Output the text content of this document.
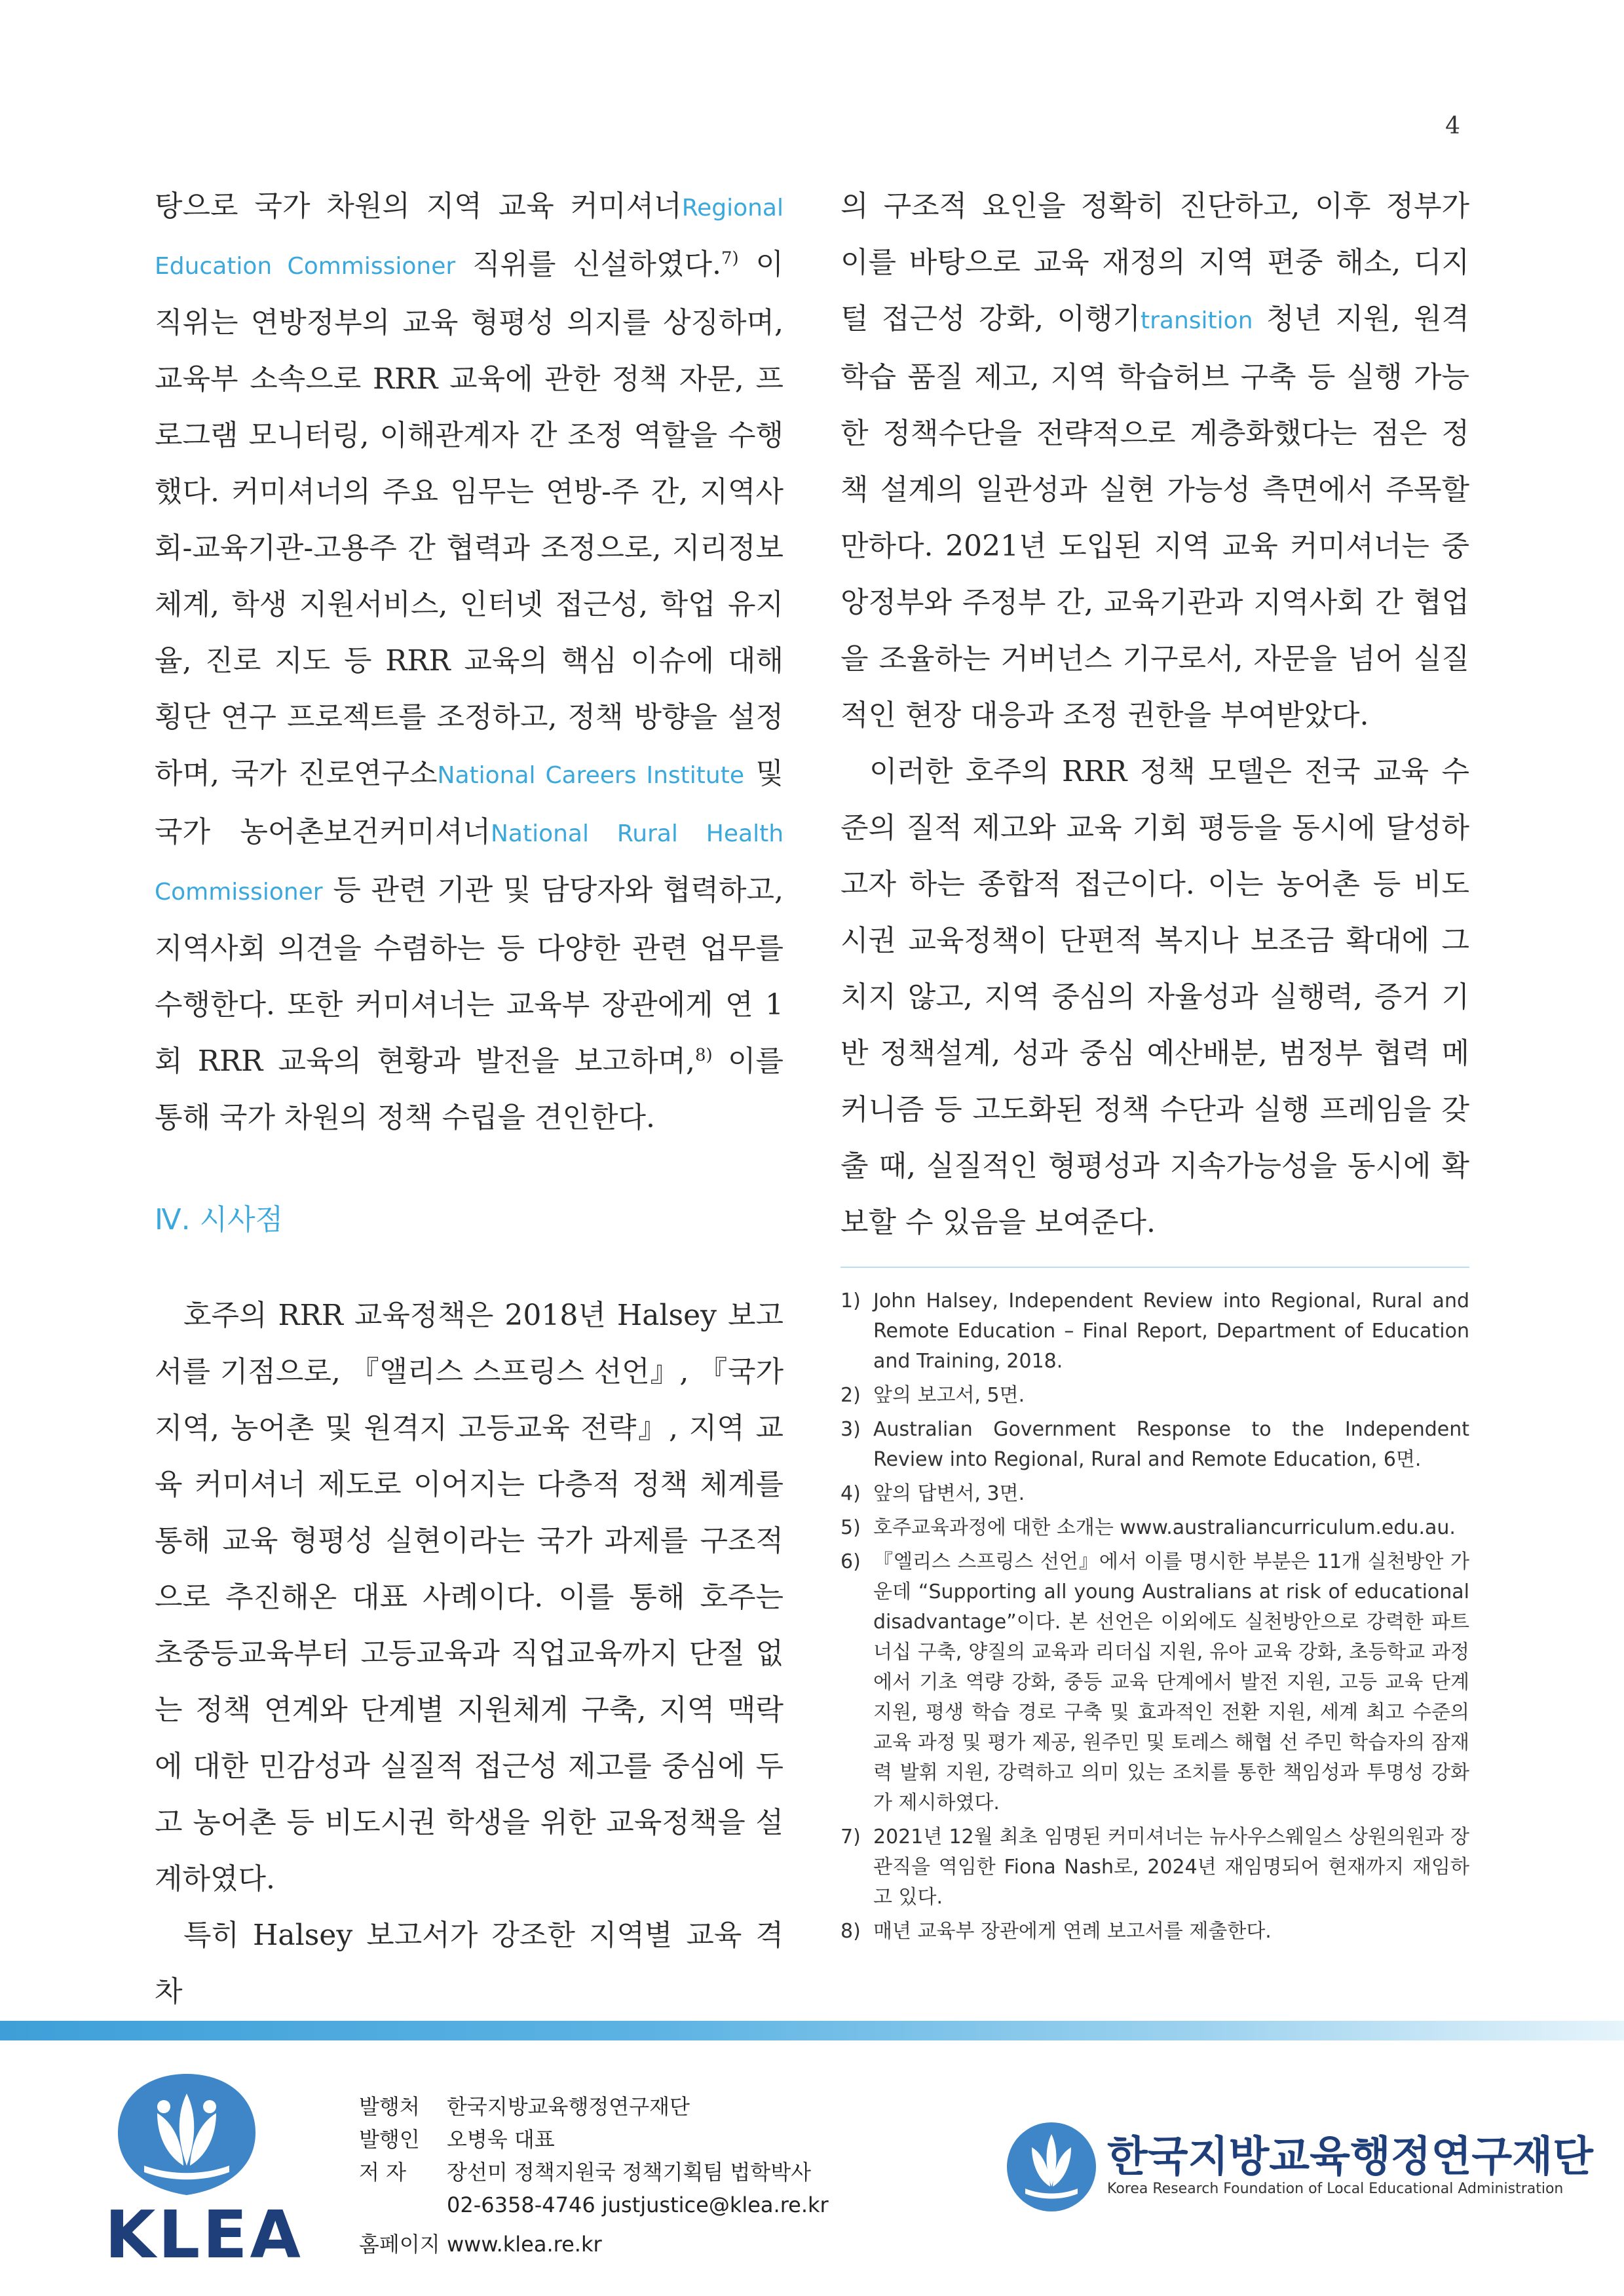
4

탕으로 국가 차원의 지역 교육 커미셔너Regional Education Commissioner 직위를 신설하였다.$^{7)}$ 이 직위는 연방정부의 교육 형평성 의지를 상징하며, 교육부 소속으로 RRR 교육에 관한 정책 자문, 프로그램 모니터링, 이해관계자 간 조정 역할을 수행했다. 커미셔너의 주요 임무는 연방-주 간, 지역사회-교육기관-고용주 간 협력과 조정으로, 지리정보 체계, 학생 지원서비스, 인터넷 접근성, 학업 유지율, 진로 지도 등 RRR 교육의 핵심 이슈에 대해 횡단 연구 프로젝트를 조정하고, 정책 방향을 설정하며, 국가 진로연구소National Careers Institute 및 국가 농어촌보건커미셔너National Rural Health Commissioner 등 관련 기관 및 담당자와 협력하고, 지역사회 의견을 수렴하는 등 다양한 관련 업무를 수행한다. 또한 커미셔너는 교육부 장관에게 연 1회 RRR 교육의 현황과 발전을 보고하며,$^{8)}$ 이를 통해 국가 차원의 정책 수립을 견인한다.

Ⅳ. 시사점

호주의 RRR 교육정책은 2018년 Halsey 보고서를 기점으로, 『앨리스 스프링스 선언』, 『국가 지역, 농어촌 및 원격지 고등교육 전략』, 지역 교육 커미셔너 제도로 이어지는 다층적 정책 체계를 통해 교육 형평성 실현이라는 국가 과제를 구조적으로 추진해온 대표 사례이다. 이를 통해 호주는 초중등교육부터 고등교육과 직업교육까지 단절 없는 정책 연계와 단계별 지원체계 구축, 지역 맥락에 대한 민감성과 실질적 접근성 제고를 중심에 두고 농어촌 등 비도시권 학생을 위한 교육정책을 설계하였다.

특히 Halsey 보고서가 강조한 지역별 교육 격차

의 구조적 요인을 정확히 진단하고, 이후 정부가 이를 바탕으로 교육 재정의 지역 편중 해소, 디지털 접근성 강화, 이행기transition 청년 지원, 원격 학습 품질 제고, 지역 학습허브 구축 등 실행 가능한 정책수단을 전략적으로 계층화했다는 점은 정책 설계의 일관성과 실현 가능성 측면에서 주목할 만하다. 2021년 도입된 지역 교육 커미셔너는 중앙정부와 주정부 간, 교육기관과 지역사회 간 협업을 조율하는 거버넌스 기구로서, 자문을 넘어 실질적인 현장 대응과 조정 권한을 부여받았다.

이러한 호주의 RRR 정책 모델은 전국 교육 수준의 질적 제고와 교육 기회 평등을 동시에 달성하고자 하는 종합적 접근이다. 이는 농어촌 등 비도시권 교육정책이 단편적 복지나 보조금 확대에 그치지 않고, 지역 중심의 자율성과 실행력, 증거 기반 정책설계, 성과 중심 예산배분, 범정부 협력 메커니즘 등 고도화된 정책 수단과 실행 프레임을 갖출 때, 실질적인 형평성과 지속가능성을 동시에 확보할 수 있음을 보여준다.

1) John Halsey, Independent Review into Regional, Rural and Remote Education – Final Report, Department of Education and Training, 2018.
2) 앞의 보고서, 5면.
3) Australian Government Response to the Independent Review into Regional, Rural and Remote Education, 6면.
4) 앞의 답변서, 3면.
5) 호주교육과정에 대한 소개는 www.australiancurriculum.edu.au.
6) 『엘리스 스프링스 선언』에서 이를 명시한 부분은 11개 실천방안 가운데 “Supporting all young Australians at risk of educational disadvantage”이다. 본 선언은 이외에도 실천방안으로 강력한 파트너십 구축, 양질의 교육과 리더십 지원, 유아 교육 강화, 초등학교 과정에서 기초 역량 강화, 중등 교육 단계에서 발전 지원, 고등 교육 단계 지원, 평생 학습 경로 구축 및 효과적인 전환 지원, 세계 최고 수준의 교육 과정 및 평가 제공, 원주민 및 토레스 해협 선 주민 학습자의 잠재력 발휘 지원, 강력하고 의미 있는 조치를 통한 책임성과 투명성 강화가 제시하였다.
7) 2021년 12월 최초 임명된 커미셔너는 뉴사우스웨일스 상원의원과 장관직을 역임한 Fiona Nash로, 2024년 재임명되어 현재까지 재임하고 있다.
8) 매년 교육부 장관에게 연례 보고서를 제출한다.
KLEA
발행처	한국지방교육행정연구재단
발행인	오병욱 대표
저 자	장선미 정책지원국 정책기획팀 법학박사
02-6358-4746 justjustice@klea.re.kr
홈페이지 www.klea.re.kr
한국지방교육행정연구재단
Korea Research Foundation of Local Educational Administration
